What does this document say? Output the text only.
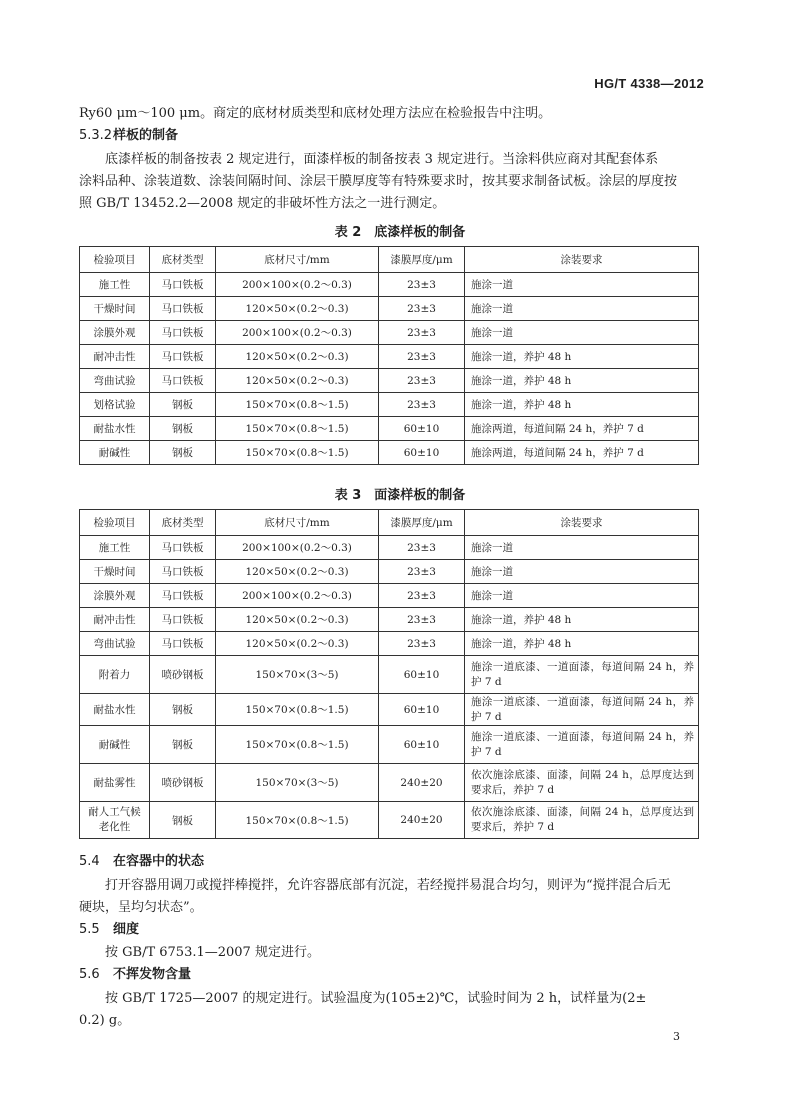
HG/T 4338—2012
Ry60 μm～100 μm。商定的底材材质类型和底材处理方法应在检验报告中注明。
5.3.2样板的制备
底漆样板的制备按表 2 规定进行，面漆样板的制备按表 3 规定进行。当涂料供应商对其配套体系
涂料品种、涂装道数、涂装间隔时间、涂层干膜厚度等有特殊要求时，按其要求制备试板。涂层的厚度按
照 GB/T 13452.2—2008 规定的非破坏性方法之一进行测定。
表 2　底漆样板的制备
检验项目	底材类型	底材尺寸/mm	漆膜厚度/μm	涂装要求
施工性	马口铁板	200×100×(0.2～0.3)	23±3	施涂一道
干燥时间	马口铁板	120×50×(0.2～0.3)	23±3	施涂一道
涂膜外观	马口铁板	200×100×(0.2～0.3)	23±3	施涂一道
耐冲击性	马口铁板	120×50×(0.2～0.3)	23±3	施涂一道，养护 48 h
弯曲试验	马口铁板	120×50×(0.2～0.3)	23±3	施涂一道，养护 48 h
划格试验	钢板	150×70×(0.8～1.5)	23±3	施涂一道，养护 48 h
耐盐水性	钢板	150×70×(0.8～1.5)	60±10	施涂两道，每道间隔 24 h，养护 7 d
耐碱性	钢板	150×70×(0.8～1.5)	60±10	施涂两道，每道间隔 24 h，养护 7 d
表 3　面漆样板的制备
检验项目	底材类型	底材尺寸/mm	漆膜厚度/μm	涂装要求
施工性	马口铁板	200×100×(0.2～0.3)	23±3	施涂一道
干燥时间	马口铁板	120×50×(0.2～0.3)	23±3	施涂一道
涂膜外观	马口铁板	200×100×(0.2～0.3)	23±3	施涂一道
耐冲击性	马口铁板	120×50×(0.2～0.3)	23±3	施涂一道，养护 48 h
弯曲试验	马口铁板	120×50×(0.2～0.3)	23±3	施涂一道，养护 48 h
附着力	喷砂钢板	150×70×(3～5)	60±10	施涂一道底漆、一道面漆，每道间隔 24 h，养护 7 d
耐盐水性	钢板	150×70×(0.8～1.5)	60±10	施涂一道底漆、一道面漆，每道间隔 24 h，养护 7 d
耐碱性	钢板	150×70×(0.8～1.5)	60±10	施涂一道底漆、一道面漆，每道间隔 24 h，养护 7 d
耐盐雾性	喷砂钢板	150×70×(3～5)	240±20	依次施涂底漆、面漆，间隔 24 h，总厚度达到要求后，养护 7 d
耐人工气候老化性	钢板	150×70×(0.8～1.5)	240±20	依次施涂底漆、面漆，间隔 24 h，总厚度达到要求后，养护 7 d
5.4 在容器中的状态
打开容器用调刀或搅拌棒搅拌，允许容器底部有沉淀，若经搅拌易混合均匀，则评为“搅拌混合后无
硬块，呈均匀状态”。
5.5 细度
按 GB/T 6753.1—2007 规定进行。
5.6 不挥发物含量
按 GB/T 1725—2007 的规定进行。试验温度为(105±2)℃，试验时间为 2 h，试样量为(2±
0.2) g。
3
